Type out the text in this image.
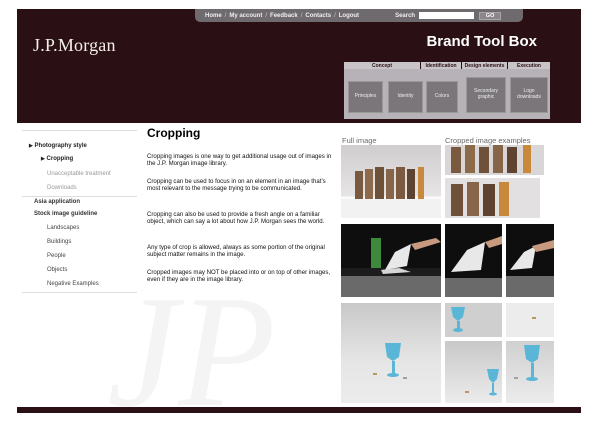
Home / My account / Feedback / Contacts / Logout	Search	GO
J.P.Morgan	Brand Tool Box
Concept	Identification	Design elements	Execution
Principles	Identity	Colors
Secondary graphic
Logo downloads
▶ Photography style
▶ Cropping
Unacceptable treatment
Downloads
Asia application
Stock image guideline
Landscapes
Buildings
People
Objects
Negative Examples
Cropping
Cropping images is one way to get additional usage out of images in the J.P. Morgan image library.
Cropping can be used to focus in on an element in an image that's most relevant to the message trying to be communicated.
Cropping can also be used to provide a fresh angle on a familiar object, which can say a lot about how J.P. Morgan sees the world.
Any type of crop is allowed, always as some portion of the original subject matter remains in the image.
Cropped images may NOT be placed into or on top of other images, even if they are in the image library.
Full image	Cropped image examples
